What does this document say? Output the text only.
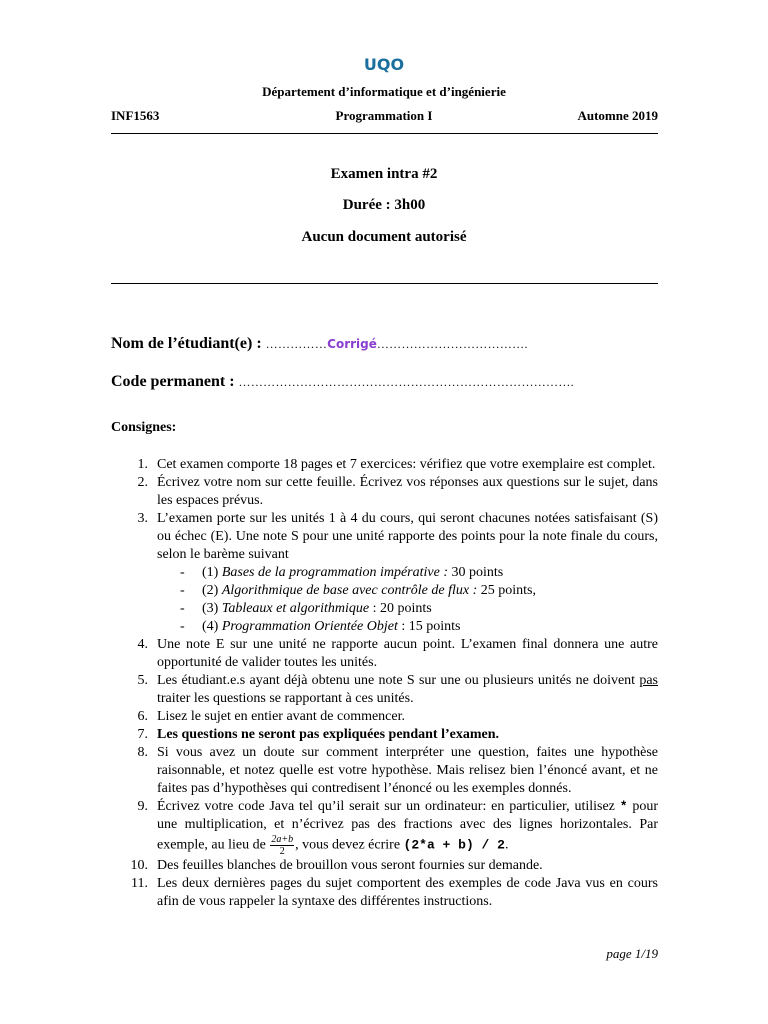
UQO
Département d’informatique et d’ingénierie
INF1563	Programmation I	Automne 2019
Examen intra #2
Durée : 3h00
Aucun document autorisé
Nom de l’étudiant(e) : ……………Corrigé……………………………….
Code permanent : ……………………………………………………………………….
Consignes:
1. Cet examen comporte 18 pages et 7 exercices: vérifiez que votre exemplaire est complet.
2. Écrivez votre nom sur cette feuille. Écrivez vos réponses aux questions sur le sujet, dans les espaces prévus.
3. L’examen porte sur les unités 1 à 4 du cours, qui seront chacunes notées satisfaisant (S) ou échec (E). Une note S pour une unité rapporte des points pour la note finale du cours, selon le barème suivant
- (1) Bases de la programmation impérative : 30 points
- (2) Algorithmique de base avec contrôle de flux : 25 points,
- (3) Tableaux et algorithmique : 20 points
- (4) Programmation Orientée Objet : 15 points
4. Une note E sur une unité ne rapporte aucun point. L’examen final donnera une autre opportunité de valider toutes les unités.
5. Les étudiant.e.s ayant déjà obtenu une note S sur une ou plusieurs unités ne doivent pas traiter les questions se rapportant à ces unités.
6. Lisez le sujet en entier avant de commencer.
7. Les questions ne seront pas expliquées pendant l’examen.
8. Si vous avez un doute sur comment interpréter une question, faites une hypothèse raisonnable, et notez quelle est votre hypothèse. Mais relisez bien l’énoncé avant, et ne faites pas d’hypothèses qui contredisent l’énoncé ou les exemples donnés.
9. Écrivez votre code Java tel qu’il serait sur un ordinateur: en particulier, utilisez * pour une multiplication, et n’écrivez pas des fractions avec des lignes horizontales. Par exemple, au lieu de $\frac{2a+b}{2}$ , vous devez écrire (2*a + b) / 2.
10. Des feuilles blanches de brouillon vous seront fournies sur demande.
11. Les deux dernières pages du sujet comportent des exemples de code Java vus en cours afin de vous rappeler la syntaxe des différentes instructions.
page 1/19
